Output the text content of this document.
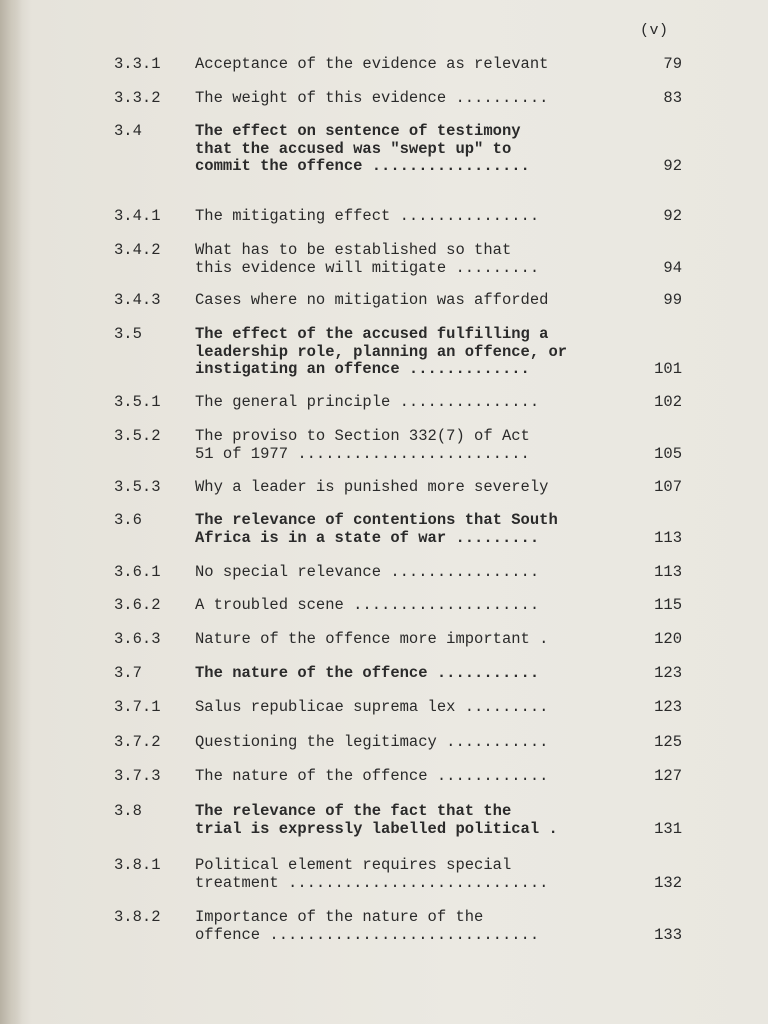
(v)
3.3.1 Acceptance of the evidence as relevant	79
3.3.2 The weight of this evidence ..........	83
3.4	The effect on sentence of testimony
that the accused was "swept up" to
commit the offence .................	92
3.4.1 The mitigating effect ...............	92
3.4.2 What has to be established so that
this evidence will mitigate .........	94
3.4.3 Cases where no mitigation was afforded	99
3.5	The effect of the accused fulfilling a
leadership role, planning an offence, or
instigating an offence .............	101
3.5.1 The general principle ...............	102
3.5.2 The proviso to Section 332(7) of Act
51 of 1977 .........................	105
3.5.3 Why a leader is punished more severely	107
3.6	The relevance of contentions that South
Africa is in a state of war .........	113
3.6.1 No special relevance ................	113
3.6.2 A troubled scene ....................	115
3.6.3 Nature of the offence more important .	120
3.7	The nature of the offence ...........	123
3.7.1 Salus republicae suprema lex .........	123
3.7.2 Questioning the legitimacy ...........	125
3.7.3 The nature of the offence ............	127
3.8	The relevance of the fact that the
trial is expressly labelled political .	131
3.8.1 Political element requires special
treatment ............................	132
3.8.2 Importance of the nature of the
offence .............................	133
